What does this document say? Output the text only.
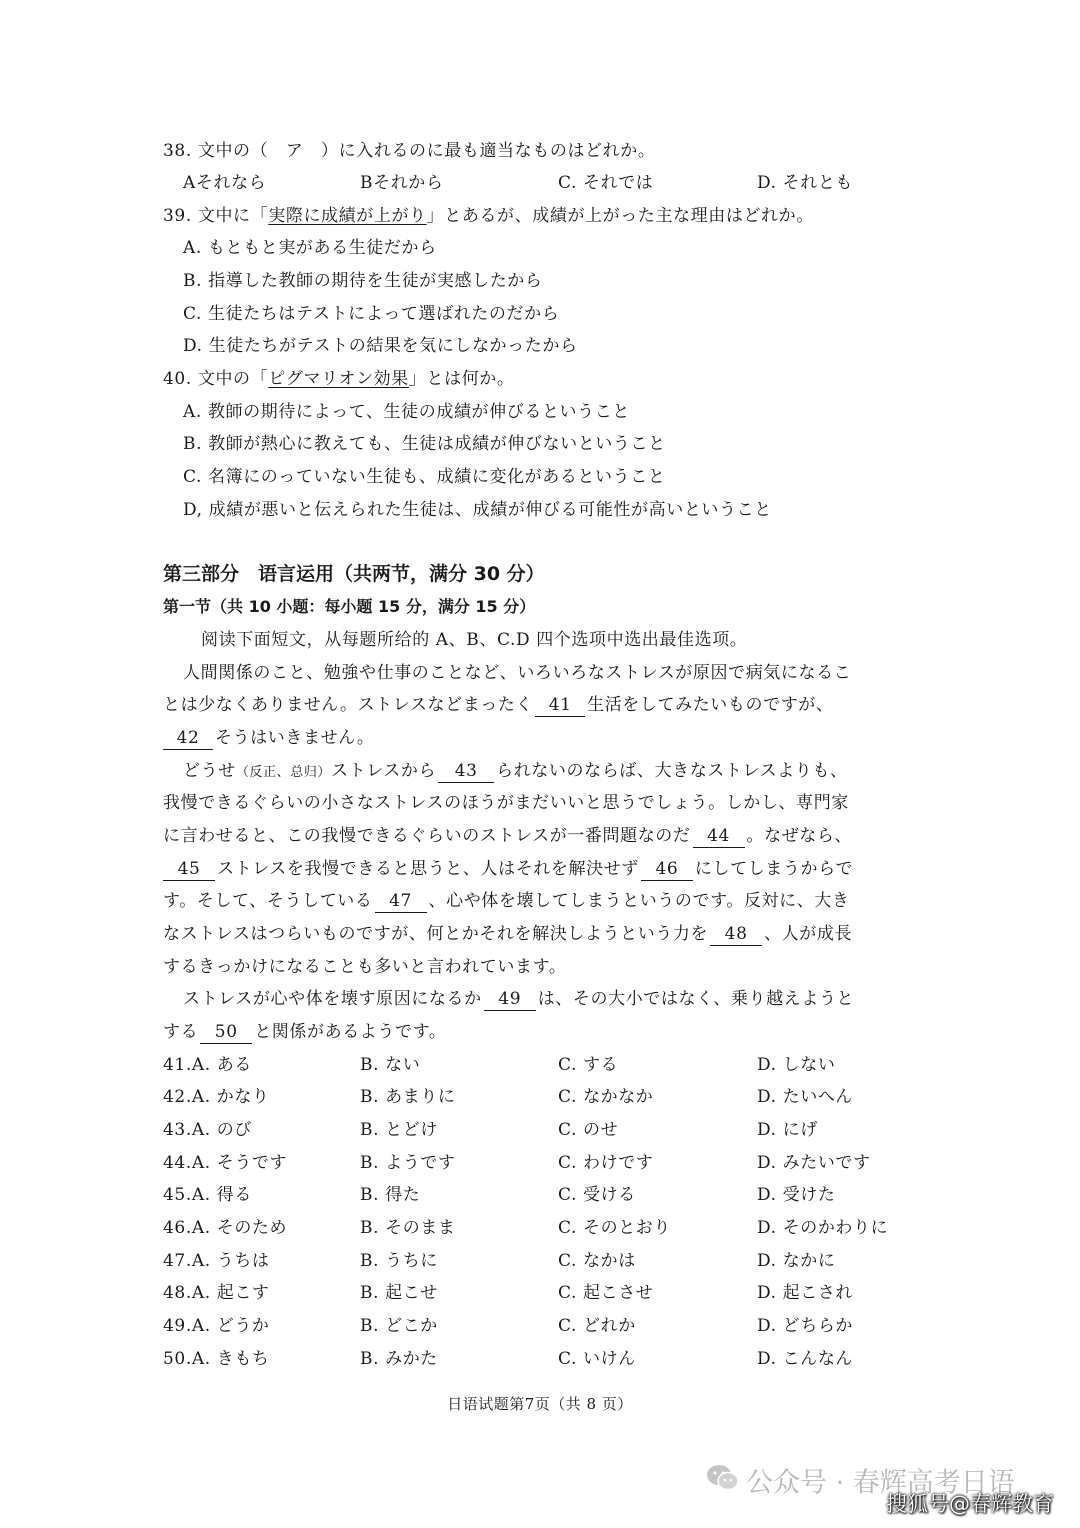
38. 文中の（　ア　）に入れるのに最も適当なものはどれか。
Aそれなら	Bそれから	C. それでは	D. それとも
39. 文中に「実際に成績が上がり」とあるが、成績が上がった主な理由はどれか。
A. もともと実がある生徒だから
B. 指導した教師の期待を生徒が実感したから
C. 生徒たちはテストによって選ばれたのだから
D. 生徒たちがテストの結果を気にしなかったから
40. 文中の「ピグマリオン効果」とは何か。
A. 教師の期待によって、生徒の成績が伸びるということ
B. 教師が熱心に教えても、生徒は成績が伸びないということ
C. 名簿にのっていない生徒も、成績に変化があるということ
D, 成績が悪いと伝えられた生徒は、成績が伸びる可能性が高いということ
第三部分　语言运用（共两节，满分 30 分）
第一节（共 10 小题：每小题 15 分，满分 15 分）
阅读下面短文，从每题所给的 A、B、C.D 四个选项中选出最佳选项。
人間関係のこと、勉強や仕事のことなど、いろいろなストレスが原因で病気になるこ
とは少なくありません。ストレスなどまったく 41 生活をしてみたいものですが、
42 そうはいきません。
どうせ（反正、总归）ストレスから 43 られないのならば、大きなストレスよりも、
我慢できるぐらいの小さなストレスのほうがまだいいと思うでしょう。しかし、専門家
に言わせると、この我慢できるぐらいのストレスが一番問題なのだ 44 。なぜなら、
45 ストレスを我慢できると思うと、人はそれを解決せず 46 にしてしまうからで
す。そして、そうしている 47 、心や体を壊してしまうというのです。反対に、大き
なストレスはつらいものですが、何とかそれを解決しようという力を 48 、人が成長
するきっかけになることも多いと言われています。
ストレスが心や体を壊す原因になるか 49 は、その大小ではなく、乗り越えようと
する 50 と関係があるようです。
41.A. ある	B. ない	C. する	D. しない
42.A. かなり	B. あまりに	C. なかなか	D. たいへん
43.A. のび	B. とどけ	C. のせ	D. にげ
44.A. そうです	B. ようです	C. わけです	D. みたいです
45.A. 得る	B. 得た	C. 受ける	D. 受けた
46.A. そのため	B. そのまま	C. そのとおり	D. そのかわりに
47.A. うちは	B. うちに	C. なかは	D. なかに
48.A. 起こす	B. 起こせ	C. 起こさせ	D. 起こされ
49.A. どうか	B. どこか	C. どれか	D. どちらか
50.A. きもち	B. みかた	C. いけん	D. こんなん
日语试题第7页（共 8 页）
公众号 · 春辉高考日语
搜狐号@春辉教育
